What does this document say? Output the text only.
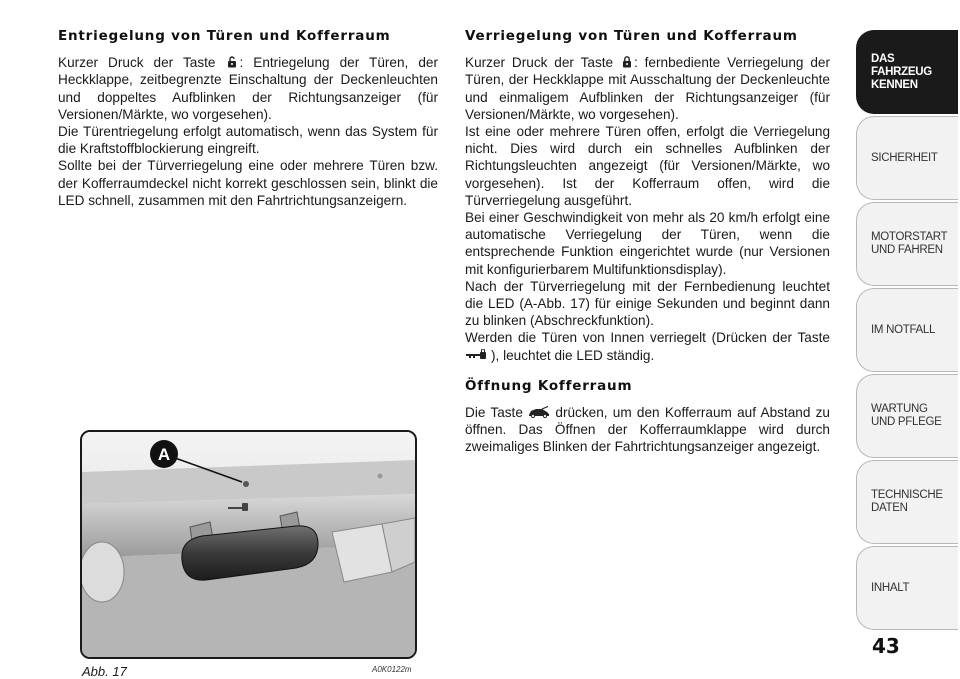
Entriegelung von Türen und Kofferraum

Kurzer Druck der Taste : Entriegelung der Türen, der Heckklappe, zeitbegrenzte Einschaltung der Deckenleuchten und doppeltes Aufblinken der Richtungsanzeiger (für Versionen/Märkte, wo vorgesehen).

Die Türentriegelung erfolgt automatisch, wenn das System für die Kraftstoffblockierung eingreift.

Sollte bei der Türverriegelung eine oder mehrere Türen bzw. der Kofferraumdeckel nicht korrekt geschlossen sein, blinkt die LED schnell, zusammen mit den Fahrtrichtungsanzeigern.

Verriegelung von Türen und Kofferraum

Kurzer Druck der Taste : fernbediente Verriegelung der Türen, der Heckklappe mit Ausschaltung der Deckenleuchte und einmaligem Aufblinken der Richtungsanzeiger (für Versionen/Märkte, wo vorgesehen).

Ist eine oder mehrere Türen offen, erfolgt die Verriegelung nicht. Dies wird durch ein schnelles Aufblinken der Richtungsleuchten angezeigt (für Versionen/Märkte, wo vorgesehen). Ist der Kofferraum offen, wird die Türverriegelung ausgeführt.

Bei einer Geschwindigkeit von mehr als 20 km/h erfolgt eine automatische Verriegelung der Türen, wenn die entsprechende Funktion eingerichtet wurde (nur Versionen mit konfigurierbarem Multifunktionsdisplay).

Nach der Türverriegelung mit der Fernbedienung leuchtet die LED (A-Abb. 17) für einige Sekunden und beginnt dann zu blinken (Abschreckfunktion).

Werden die Türen von Innen verriegelt (Drücken der Taste ), leuchtet die LED ständig.

Öffnung Kofferraum

Die Taste  drücken, um den Kofferraum auf Abstand zu öffnen. Das Öffnen der Kofferraumklappe wird durch zweimaliges Blinken der Fahrtrichtungsanzeiger angezeigt.

A
Abb. 17	A0K0122m
DAS FAHRZEUG
KENNEN
SICHERHEIT
MOTORSTART
UND FAHREN
IM NOTFALL
WARTUNG
UND PFLEGE
TECHNISCHE
DATEN
INHALT
43
